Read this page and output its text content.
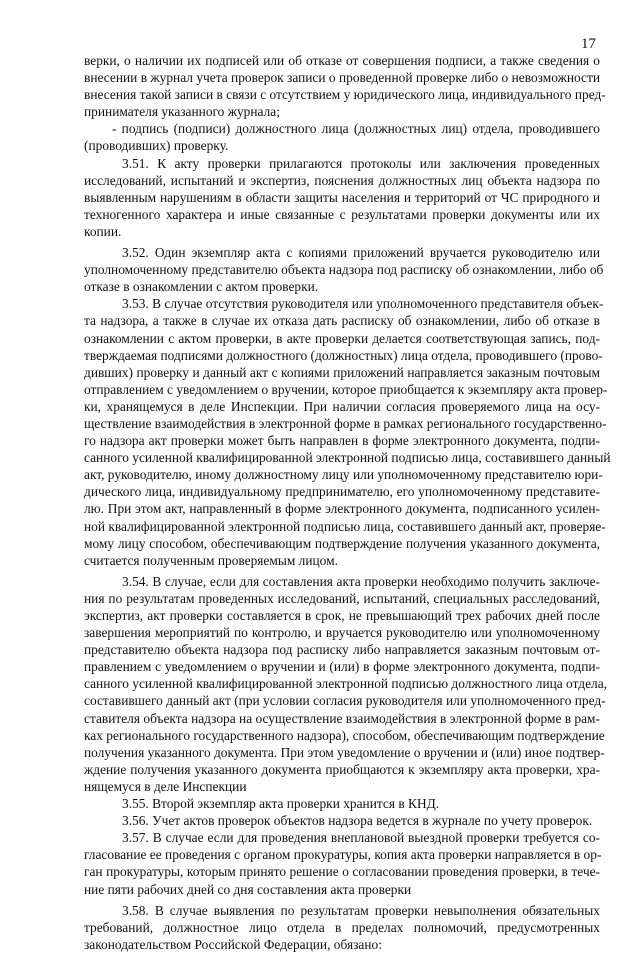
17
верки, о наличии их подписей или об отказе от совершения подписи, а также сведения о
внесении в журнал учета проверок записи о проведенной проверке либо о невозможности
внесения такой записи в связи с отсутствием у юридического лица, индивидуального пред-
принимателя указанного журнала;
- подпись (подписи) должностного лица (должностных лиц) отдела, проводившего
(проводивших) проверку.
3.51. К акту проверки прилагаются протоколы или заключения проведенных
исследований, испытаний и экспертиз, пояснения должностных лиц объекта надзора по
выявленным нарушениям в области защиты населения и территорий от ЧС природного и
техногенного характера и иные связанные с результатами проверки документы или их
копии.
3.52. Один экземпляр акта с копиями приложений вручается руководителю или
уполномоченному представителю объекта надзора под расписку об ознакомлении, либо об
отказе в ознакомлении с актом проверки.
3.53. В случае отсутствия руководителя или уполномоченного представителя объек-
та надзора, а также в случае их отказа дать расписку об ознакомлении, либо об отказе в
ознакомлении с актом проверки, в акте проверки делается соответствующая запись, под-
тверждаемая подписями должностного (должностных) лица отдела, проводившего (прово-
дивших) проверку и данный акт с копиями приложений направляется заказным почтовым
отправлением с уведомлением о вручении, которое приобщается к экземпляру акта провер-
ки, хранящемуся в деле Инспекции. При наличии согласия проверяемого лица на осу-
ществление взаимодействия в электронной форме в рамках регионального государственно-
го надзора акт проверки может быть направлен в форме электронного документа, подпи-
санного усиленной квалифицированной электронной подписью лица, составившего данный
акт, руководителю, иному должностному лицу или уполномоченному представителю юри-
дического лица, индивидуальному предпринимателю, его уполномоченному представите-
лю. При этом акт, направленный в форме электронного документа, подписанного усилен-
ной квалифицированной электронной подписью лица, составившего данный акт, проверяе-
мому лицу способом, обеспечивающим подтверждение получения указанного документа,
считается полученным проверяемым лицом.
3.54. В случае, если для составления акта проверки необходимо получить заключе-
ния по результатам проведенных исследований, испытаний, специальных расследований,
экспертиз, акт проверки составляется в срок, не превышающий трех рабочих дней после
завершения мероприятий по контролю, и вручается руководителю или уполномоченному
представителю объекта надзора под расписку либо направляется заказным почтовым от-
правлением с уведомлением о вручении и (или) в форме электронного документа, подпи-
санного усиленной квалифицированной электронной подписью должностного лица отдела,
составившего данный акт (при условии согласия руководителя или уполномоченного пред-
ставителя объекта надзора на осуществление взаимодействия в электронной форме в рам-
ках регионального государственного надзора), способом, обеспечивающим подтверждение
получения указанного документа. При этом уведомление о вручении и (или) иное подтвер-
ждение получения указанного документа приобщаются к экземпляру акта проверки, хра-
нящемуся в деле Инспекции
3.55. Второй экземпляр акта проверки хранится в КНД.
3.56. Учет актов проверок объектов надзора ведется в журнале по учету проверок.
3.57. В случае если для проведения внеплановой выездной проверки требуется со-
гласование ее проведения с органом прокуратуры, копия акта проверки направляется в ор-
ган прокуратуры, которым принято решение о согласовании проведения проверки, в тече-
ние пяти рабочих дней со дня составления акта проверки
3.58. В случае выявления по результатам проверки невыполнения обязательных
требований, должностное лицо отдела в пределах полномочий, предусмотренных
законодательством Российской Федерации, обязано:
